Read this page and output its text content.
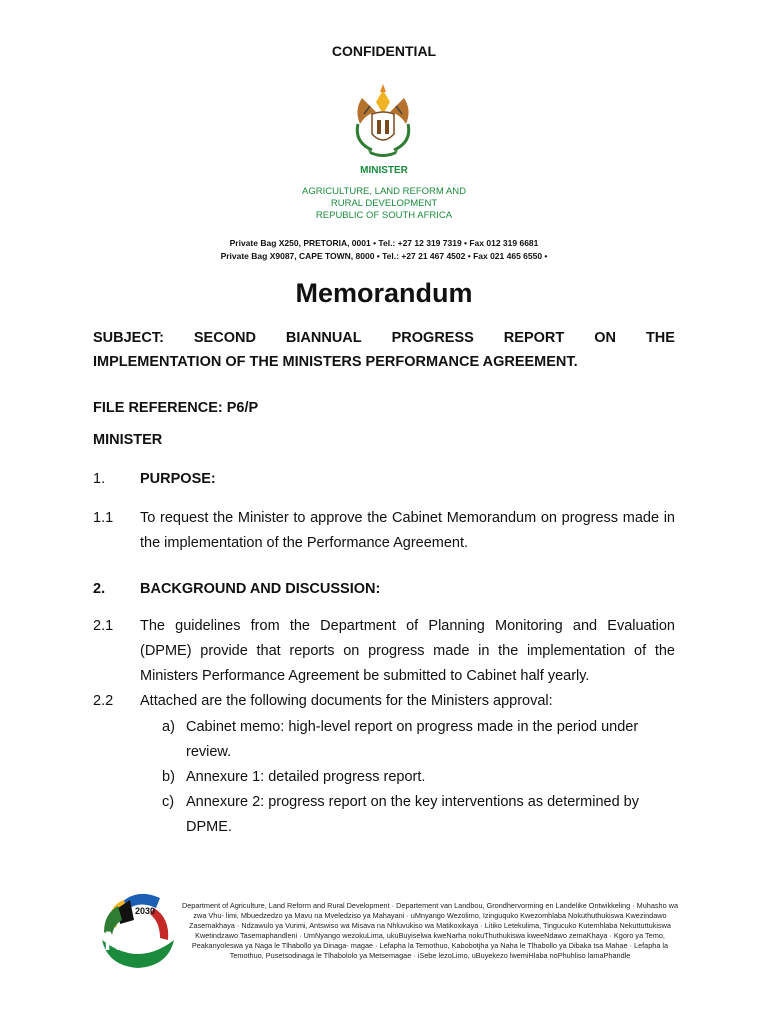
CONFIDENTIAL
MINISTER
AGRICULTURE, LAND REFORM AND
RURAL DEVELOPMENT
REPUBLIC OF SOUTH AFRICA
Private Bag X250, PRETORIA, 0001 • Tel.: +27 12 319 7319 • Fax 012 319 6681
Private Bag X9087, CAPE TOWN, 8000 • Tel.: +27 21 467 4502 • Fax 021 465 6550 •
Memorandum
SUBJECT: SECOND BIANNUAL PROGRESS REPORT ON THE
IMPLEMENTATION OF THE MINISTERS PERFORMANCE AGREEMENT.
FILE REFERENCE: P6/P
MINISTER
1. PURPOSE:
1.1 To request the Minister to approve the Cabinet Memorandum on progress made in the implementation of the Performance Agreement.
2. BACKGROUND AND DISCUSSION:
2.1 The guidelines from the Department of Planning Monitoring and Evaluation (DPME) provide that reports on progress made in the implementation of the Ministers Performance Agreement be submitted to Cabinet half yearly.
2.2 Attached are the following documents for the Ministers approval:
a) Cabinet memo: high-level report on progress made in the period under review.
b) Annexure 1: detailed progress report.
c) Annexure 2: progress report on the key interventions as determined by DPME.
2030
NDP
Department of Agriculture, Land Reform and Rural Development · Departement van Landbou, Grondhervorming en Landelike Ontwikkeling · Muhasho wa zwa Vhu- limi, Mbuedzedzo ya Mavu na Mveledziso ya Mahayani · uMnyango Wezolimo, Izinguquko Kwezomhlaba Nokuthuthukiswa Kwezindawo Zasemakhaya · Ndzawulo ya Vurimi, Antswiso wa Misava na Nhluvukiso wa Matikoxikaya · Litiko Letekulima, Tingucuko Kutemhlaba Nekuttuttukiswa Kwetindzawo Tasemaphandleni · UmNyango wezokuLima, ukuBuyiselwa kweNarha nokuThuthukiswa kweeNdawo zemaKhaya · Kgoro ya Temo, Peakanyoleswa ya Naga le Tlhabollo ya Dinaga- magae · Lefapha la Temothuo, Kabobotjha ya Naha le Tlhabollo ya Dibaka tsa Mahae · Lefapha la Temothuo, Pusetsodinaga le Tlhabololo ya Metsemagae · iSebe lezoLimo, uBuyekezo lwemiHlaba noPhuhliso lamaPhandle
